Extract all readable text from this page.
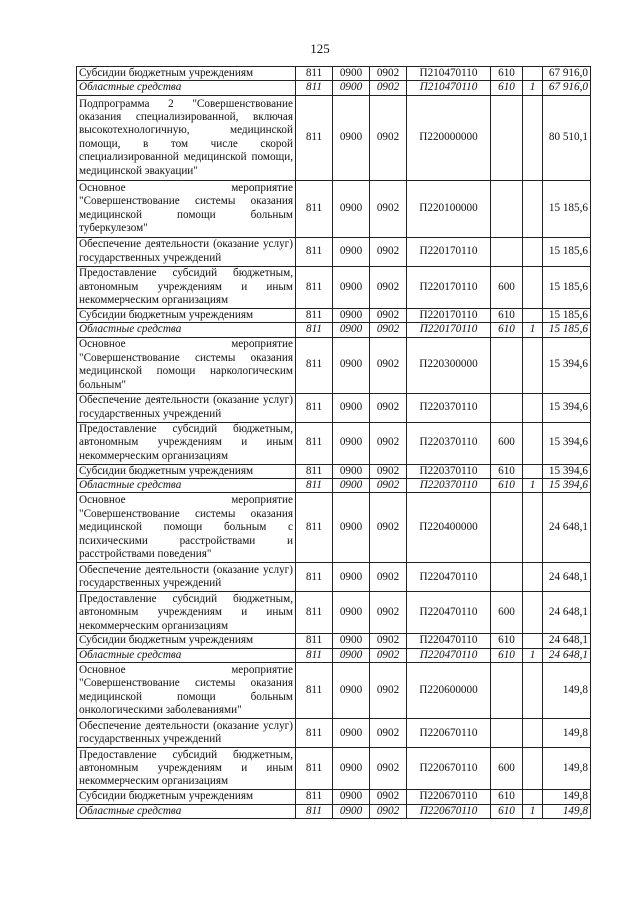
125
Субсидии бюджетным учреждениям	811	0900	0902	П210470110	610		67 916,0
Областные средства	811	0900	0902	П210470110	610	1	67 916,0
Подпрограмма 2 "Совершенствование оказания специализированной, включая высокотехнологичную, медицинской помощи, в том числе скорой специализированной медицинской помощи, медицинской эвакуации"	811	0900	0902	П220000000			80 510,1
Основное мероприятие "Совершенствование системы оказания медицинской помощи больным туберкулезом"	811	0900	0902	П220100000			15 185,6
Обеспечение деятельности (оказание услуг) государственных учреждений	811	0900	0902	П220170110			15 185,6
Предоставление субсидий бюджетным, автономным учреждениям и иным некоммерческим организациям	811	0900	0902	П220170110	600		15 185,6
Субсидии бюджетным учреждениям	811	0900	0902	П220170110	610		15 185,6
Областные средства	811	0900	0902	П220170110	610	1	15 185,6
Основное мероприятие "Совершенствование системы оказания медицинской помощи наркологическим больным"	811	0900	0902	П220300000			15 394,6
Обеспечение деятельности (оказание услуг) государственных учреждений	811	0900	0902	П220370110			15 394,6
Предоставление субсидий бюджетным, автономным учреждениям и иным некоммерческим организациям	811	0900	0902	П220370110	600		15 394,6
Субсидии бюджетным учреждениям	811	0900	0902	П220370110	610		15 394,6
Областные средства	811	0900	0902	П220370110	610	1	15 394,6
Основное мероприятие "Совершенствование системы оказания медицинской помощи больным с психическими расстройствами и расстройствами поведения"	811	0900	0902	П220400000			24 648,1
Обеспечение деятельности (оказание услуг) государственных учреждений	811	0900	0902	П220470110			24 648,1
Предоставление субсидий бюджетным, автономным учреждениям и иным некоммерческим организациям	811	0900	0902	П220470110	600		24 648,1
Субсидии бюджетным учреждениям	811	0900	0902	П220470110	610		24 648,1
Областные средства	811	0900	0902	П220470110	610	1	24 648,1
Основное мероприятие "Совершенствование системы оказания медицинской помощи больным онкологическими заболеваниями"	811	0900	0902	П220600000			149,8
Обеспечение деятельности (оказание услуг) государственных учреждений	811	0900	0902	П220670110			149,8
Предоставление субсидий бюджетным, автономным учреждениям и иным некоммерческим организациям	811	0900	0902	П220670110	600		149,8
Субсидии бюджетным учреждениям	811	0900	0902	П220670110	610		149,8
Областные средства	811	0900	0902	П220670110	610	1	149,8
